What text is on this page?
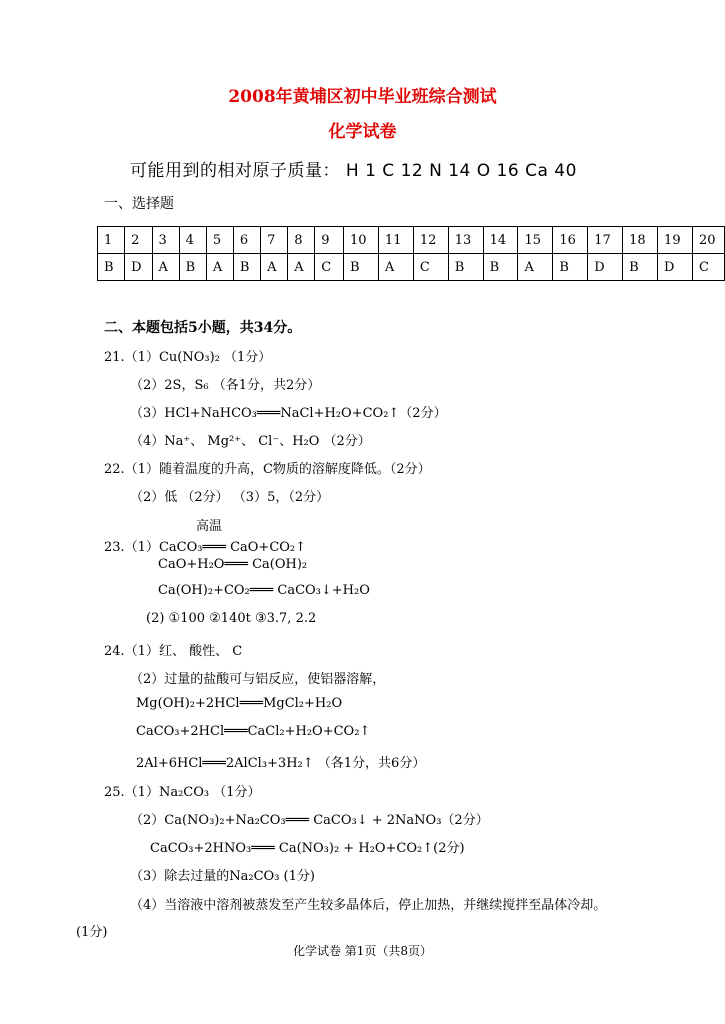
2008年黄埔区初中毕业班综合测试
化学试卷
可能用到的相对原子质量： H 1 C 12 N 14 O 16 Ca 40
一、选择题
1	2	3	4	5	6	7	8	9	10	11	12	13	14	15	16	17	18	19	20
B	D	A	B	A	B	A	A	C	B	A	C	B	B	A	B	D	B	D	C
二、本题包括5小题，共34分。
21.（1）Cu(NO₃)₂ （1分）
（2）2S，S₆ （各1分，共2分）
（3）HCl+NaHCO₃═══NaCl+H₂O+CO₂↑（2分）
（4）Na⁺、 Mg²⁺、 Cl⁻、H₂O （2分）
22.（1）随着温度的升高，C物质的溶解度降低。（2分）
（2）低 （2分） （3）5，（2分）
高温
23.（1）CaCO₃═══ CaO+CO₂↑
CaO+H₂O═══ Ca(OH)₂
Ca(OH)₂+CO₂═══ CaCO₃↓+H₂O
(2) ①100 ②140t ③3.7, 2.2
24.（1）红、 酸性、 C
（2）过量的盐酸可与铝反应，使铝器溶解，
Mg(OH)₂+2HCl═══MgCl₂+H₂O
CaCO₃+2HCl═══CaCl₂+H₂O+CO₂↑
2Al+6HCl═══2AlCl₃+3H₂↑ （各1分，共6分）
25.（1）Na₂CO₃ （1分）
（2）Ca(NO₃)₂+Na₂CO₃═══ CaCO₃↓ + 2NaNO₃（2分）
CaCO₃+2HNO₃═══ Ca(NO₃)₂ + H₂O+CO₂↑(2分)
（3）除去过量的Na₂CO₃ (1分)
（4）当溶液中溶剂被蒸发至产生较多晶体后，停止加热，并继续搅拌至晶体冷却。
(1分)
化学试卷 第1页（共8页）
